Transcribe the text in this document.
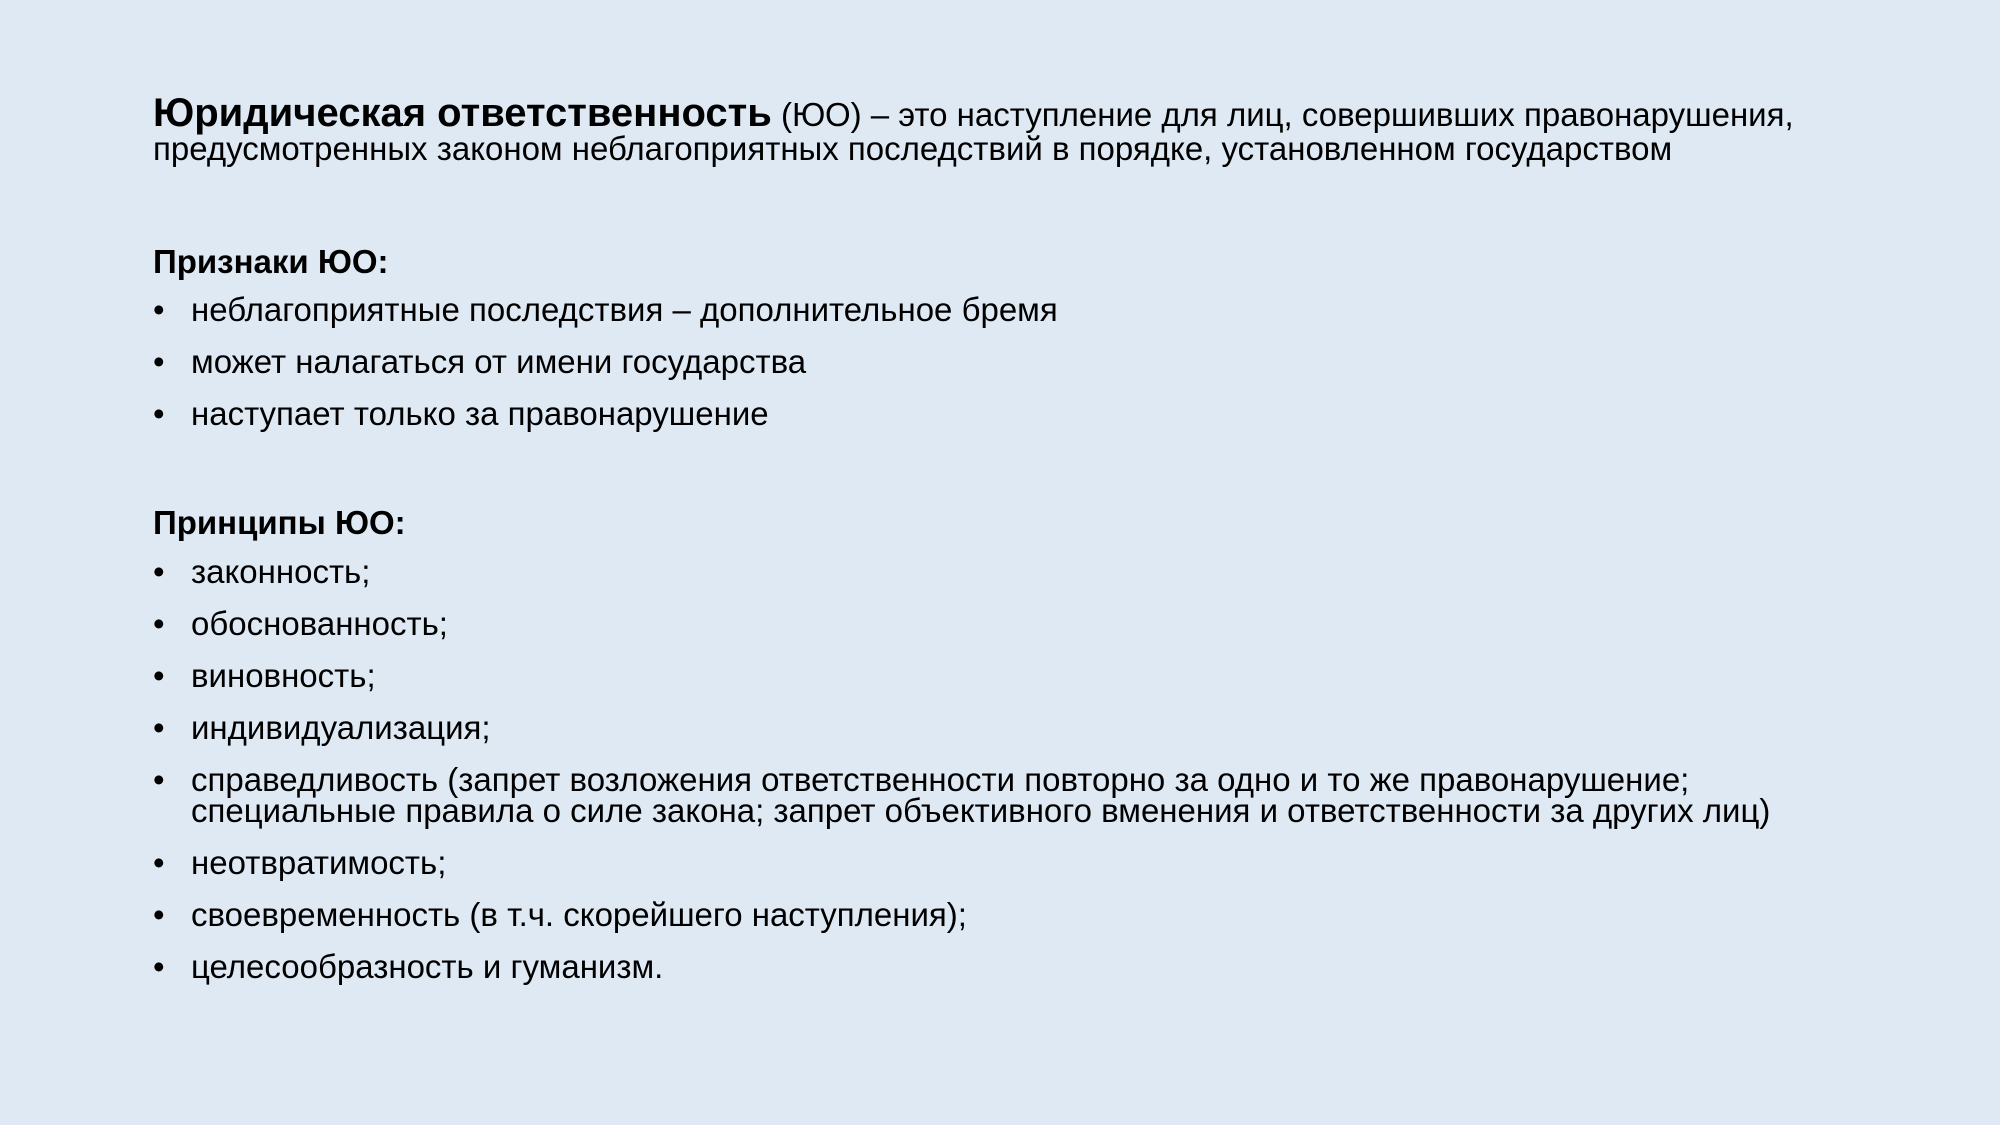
Юридическая ответственность (ЮО) – это наступление для лиц, совершивших правонарушения,
предусмотренных законом неблагоприятных последствий в порядке, установленном государством
Признаки ЮО:
• неблагоприятные последствия – дополнительное бремя
• может налагаться от имени государства
• наступает только за правонарушение
Принципы ЮО:
• законность;
• обоснованность;
• виновность;
• индивидуализация;
• справедливость (запрет возложения ответственности повторно за одно и то же правонарушение;
специальные правила о силе закона; запрет объективного вменения и ответственности за других лиц)
• неотвратимость;
• своевременность (в т.ч. скорейшего наступления);
• целесообразность и гуманизм.
